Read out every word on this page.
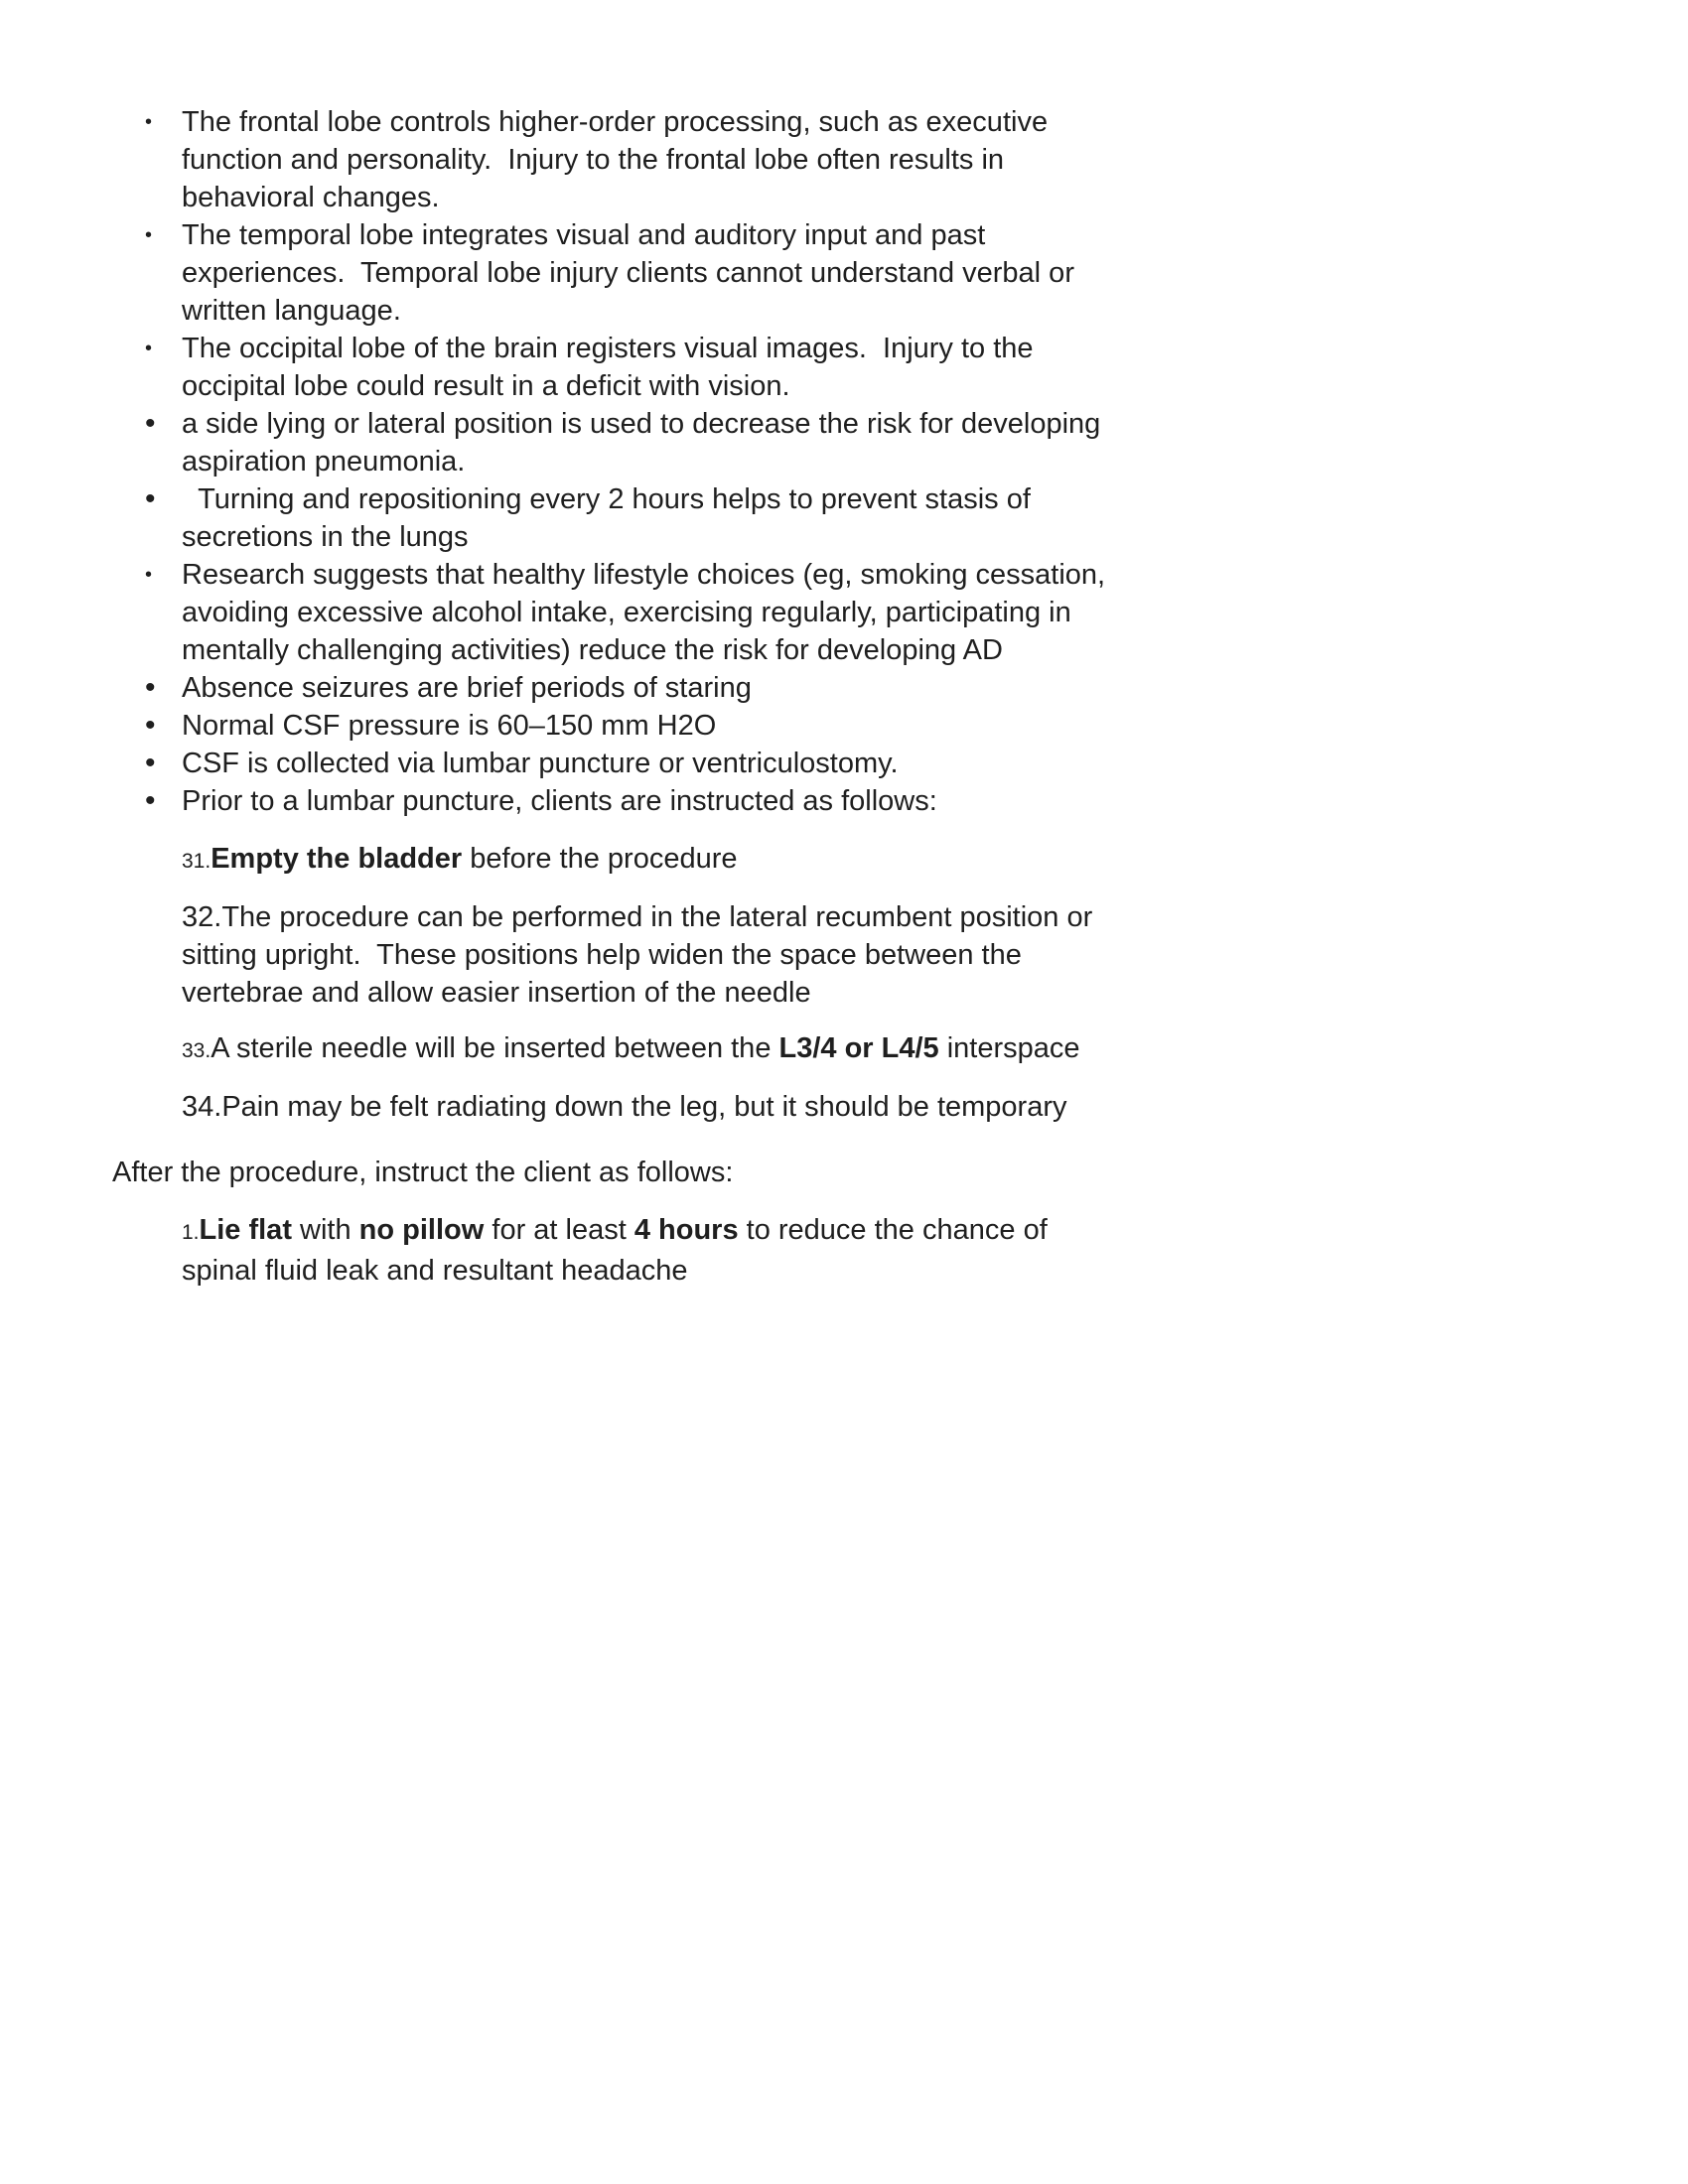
•	The frontal lobe controls higher-order processing, such as executive function and personality.  Injury to the frontal lobe often results in behavioral changes.
•	The temporal lobe integrates visual and auditory input and past experiences.  Temporal lobe injury clients cannot understand verbal or written language.
•	The occipital lobe of the brain registers visual images.  Injury to the occipital lobe could result in a deficit with vision.
• a side lying or lateral position is used to decrease the risk for developing aspiration pneumonia.
• Turning and repositioning every 2 hours helps to prevent stasis of secretions in the lungs
•	Research suggests that healthy lifestyle choices (eg, smoking cessation, avoiding excessive alcohol intake, exercising regularly, participating in mentally challenging activities) reduce the risk for developing AD
• Absence seizures are brief periods of staring
• Normal CSF pressure is 60–150 mm H2O
• CSF is collected via lumbar puncture or ventriculostomy.
• Prior to a lumbar puncture, clients are instructed as follows:

31.Empty the bladder before the procedure

32.The procedure can be performed in the lateral recumbent position or sitting upright.  These positions help widen the space between the vertebrae and allow easier insertion of the needle

33.A sterile needle will be inserted between the L3/4 or L4/5 interspace

34.Pain may be felt radiating down the leg, but it should be temporary

After the procedure, instruct the client as follows:

1.Lie flat with no pillow for at least 4 hours to reduce the chance of spinal fluid leak and resultant headache
